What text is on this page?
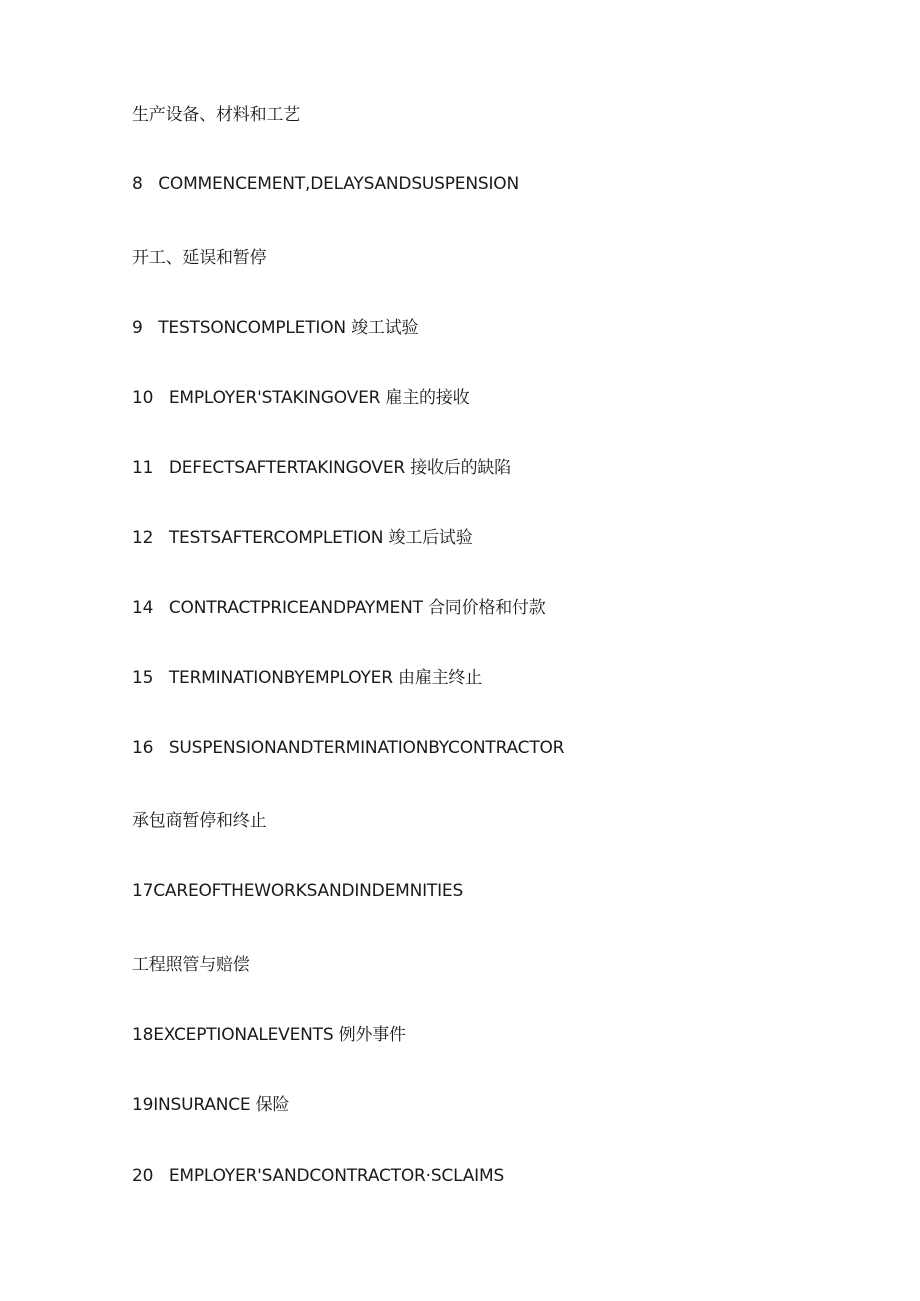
生产设备、材料和工艺
8   COMMENCEMENT,DELAYSANDSUSPENSION
开工、延误和暂停
9   TESTSONCOMPLETION 竣工试验
10   EMPLOYER'STAKINGOVER 雇主的接收
11   DEFECTSAFTERTAKINGOVER 接收后的缺陷
12   TESTSAFTERCOMPLETION 竣工后试验
14   CONTRACTPRICEANDPAYMENT 合同价格和付款
15   TERMINATIONBYEMPLOYER 由雇主终止
16   SUSPENSIONANDTERMINATIONBYCONTRACTOR
承包商暂停和终止
17CAREOFTHEWORKSANDINDEMNITIES
工程照管与赔偿
18EXCEPTIONALEVENTS 例外事件
19INSURANCE 保险
20   EMPLOYER'SANDCONTRACTOR·SCLAIMS
